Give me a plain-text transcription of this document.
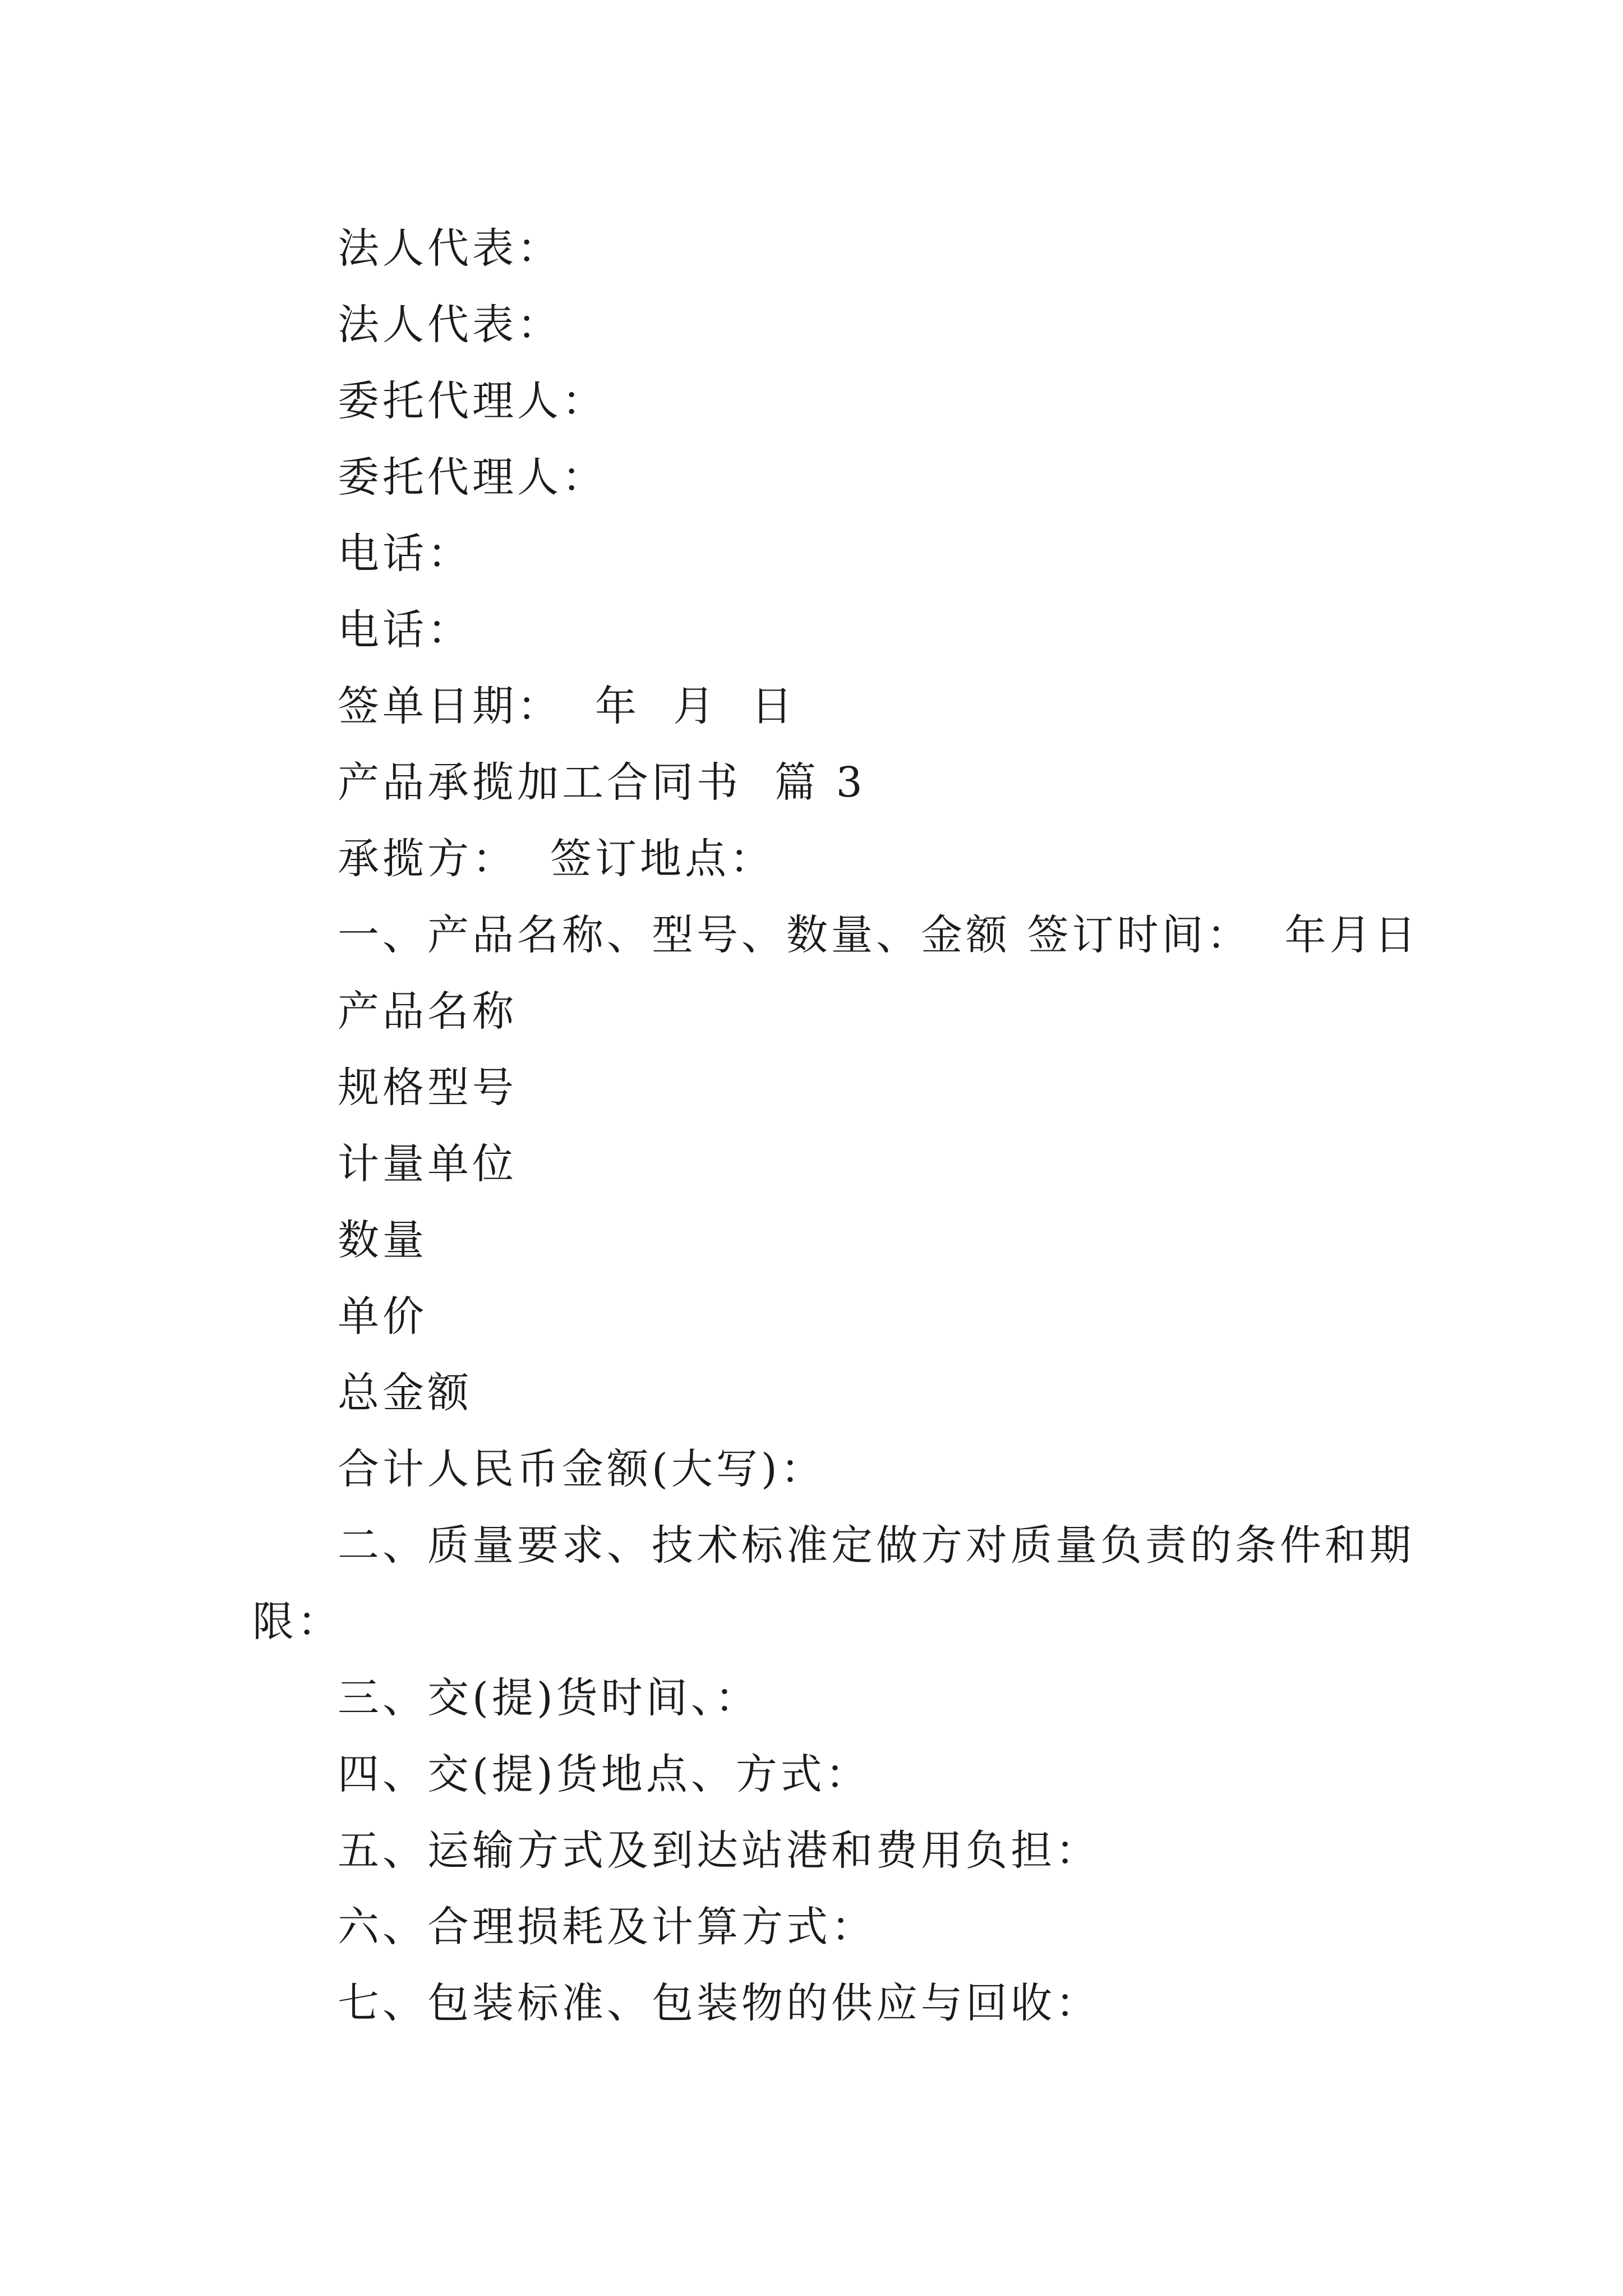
法人代表：
法人代表：
委托代理人：
委托代理人：
电话：
电话：
签单日期：  年  月  日
产品承揽加工合同书  篇 3
承揽方：  签订地点：
一、产品名称、型号、数量、金额 签订时间：  年月日
产品名称
规格型号
计量单位
数量
单价
总金额
合计人民币金额(大写)：
二、质量要求、技术标准定做方对质量负责的条件和期
限：
三、交(提)货时间、：
四、交(提)货地点、方式：
五、运输方式及到达站港和费用负担：
六、合理损耗及计算方式：
七、包装标准、包装物的供应与回收：
